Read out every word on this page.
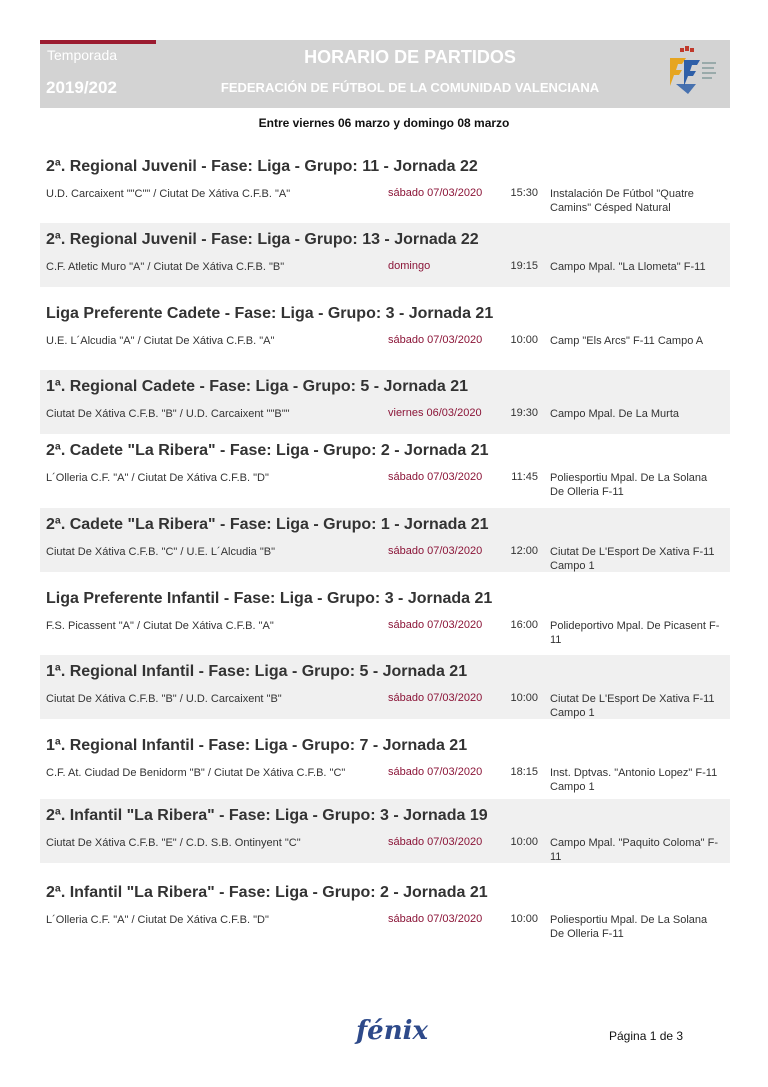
Temporada
2019/202
HORARIO DE PARTIDOS
FEDERACIÓN DE FÚTBOL DE LA COMUNIDAD VALENCIANA
Entre viernes 06 marzo y domingo 08 marzo
2ª. Regional Juvenil - Fase: Liga - Grupo: 11 - Jornada 22
U.D. Carcaixent ""C"" / Ciutat De Xátiva C.F.B. "A"	sábado 07/03/2020	15:30 Instalación De Fútbol "Quatre Camins" Césped Natural
2ª. Regional Juvenil - Fase: Liga - Grupo: 13 - Jornada 22
C.F. Atletic Muro "A" / Ciutat De Xátiva C.F.B. "B"	domingo	19:15 Campo Mpal. "La Llometa" F-11
Liga Preferente Cadete - Fase: Liga - Grupo: 3 - Jornada 21
U.E. L´Alcudia "A" / Ciutat De Xátiva C.F.B. "A"	sábado 07/03/2020	10:00 Camp "Els Arcs" F-11 Campo A
1ª. Regional Cadete - Fase: Liga - Grupo: 5 - Jornada 21
Ciutat De Xátiva C.F.B. "B" / U.D. Carcaixent ""B""	viernes 06/03/2020	19:30 Campo Mpal. De La Murta
2ª. Cadete "La Ribera" - Fase: Liga - Grupo: 2 - Jornada 21
L´Olleria C.F. "A" / Ciutat De Xátiva C.F.B. "D"	sábado 07/03/2020	11:45 Poliesportiu Mpal. De La Solana De Olleria F-11
2ª. Cadete "La Ribera" - Fase: Liga - Grupo: 1 - Jornada 21
Ciutat De Xátiva C.F.B. "C" / U.E. L´Alcudia "B"	sábado 07/03/2020	12:00 Ciutat De L'Esport De Xativa F-11 Campo 1
Liga Preferente Infantil - Fase: Liga - Grupo: 3 - Jornada 21
F.S. Picassent "A" / Ciutat De Xátiva C.F.B. "A"	sábado 07/03/2020	16:00 Polideportivo Mpal. De Picasent F-11
1ª. Regional Infantil - Fase: Liga - Grupo: 5 - Jornada 21
Ciutat De Xátiva C.F.B. "B" / U.D. Carcaixent "B"	sábado 07/03/2020	10:00 Ciutat De L'Esport De Xativa F-11 Campo 1
1ª. Regional Infantil - Fase: Liga - Grupo: 7 - Jornada 21
C.F. At. Ciudad De Benidorm "B" / Ciutat De Xátiva C.F.B. "C"	sábado 07/03/2020	18:15 Inst. Dptvas. "Antonio Lopez" F-11 Campo 1
2ª. Infantil "La Ribera" - Fase: Liga - Grupo: 3 - Jornada 19
Ciutat De Xátiva C.F.B. "E" / C.D. S.B. Ontinyent "C"	sábado 07/03/2020	10:00 Campo Mpal. "Paquito Coloma" F-11
2ª. Infantil "La Ribera" - Fase: Liga - Grupo: 2 - Jornada 21
L´Olleria C.F. "A" / Ciutat De Xátiva C.F.B. "D"	sábado 07/03/2020	10:00 Poliesportiu Mpal. De La Solana De Olleria F-11
fénix	Página 1 de 3
